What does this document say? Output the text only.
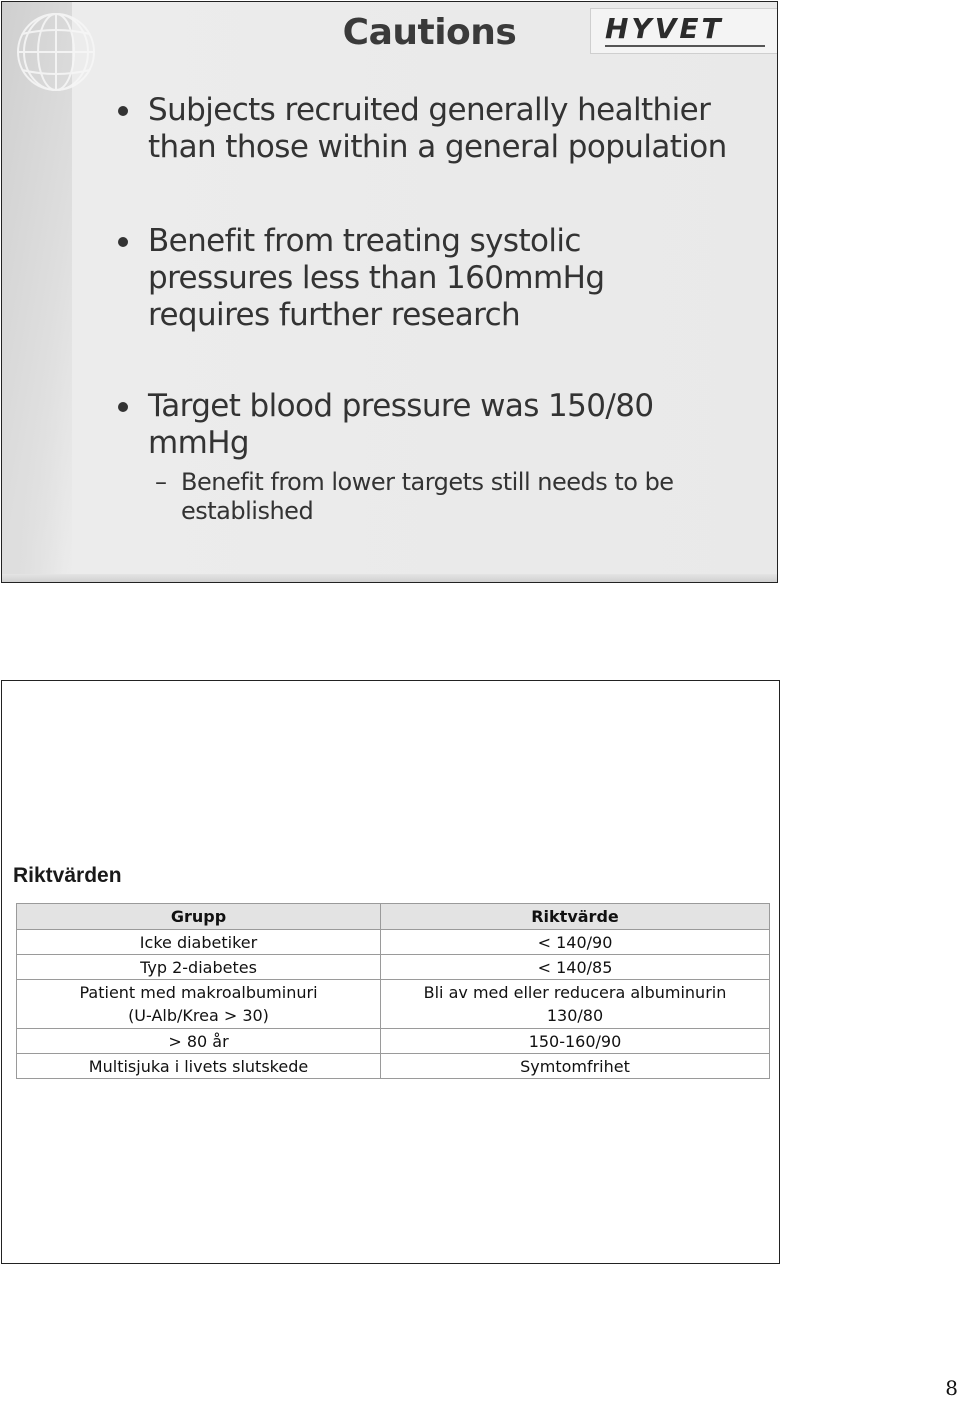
Cautions	HYVET
Subjects recruited generally healthier than those within a general population
Benefit from treating systolic pressures less than 160mmHg requires further research
Target blood pressure was 150/80 mmHg
– Benefit from lower targets still needs to be established
Riktvärden
Grupp	Riktvärde

Icke diabetiker	< 140/90

Typ 2-diabetes	< 140/85

Patient med makroalbuminuri
(U-Alb/Krea > 30)	Bli av med eller reducera albuminurin
130/80

> 80 år	150-160/90

Multisjuka i livets slutskede	Symtomfrihet
8
